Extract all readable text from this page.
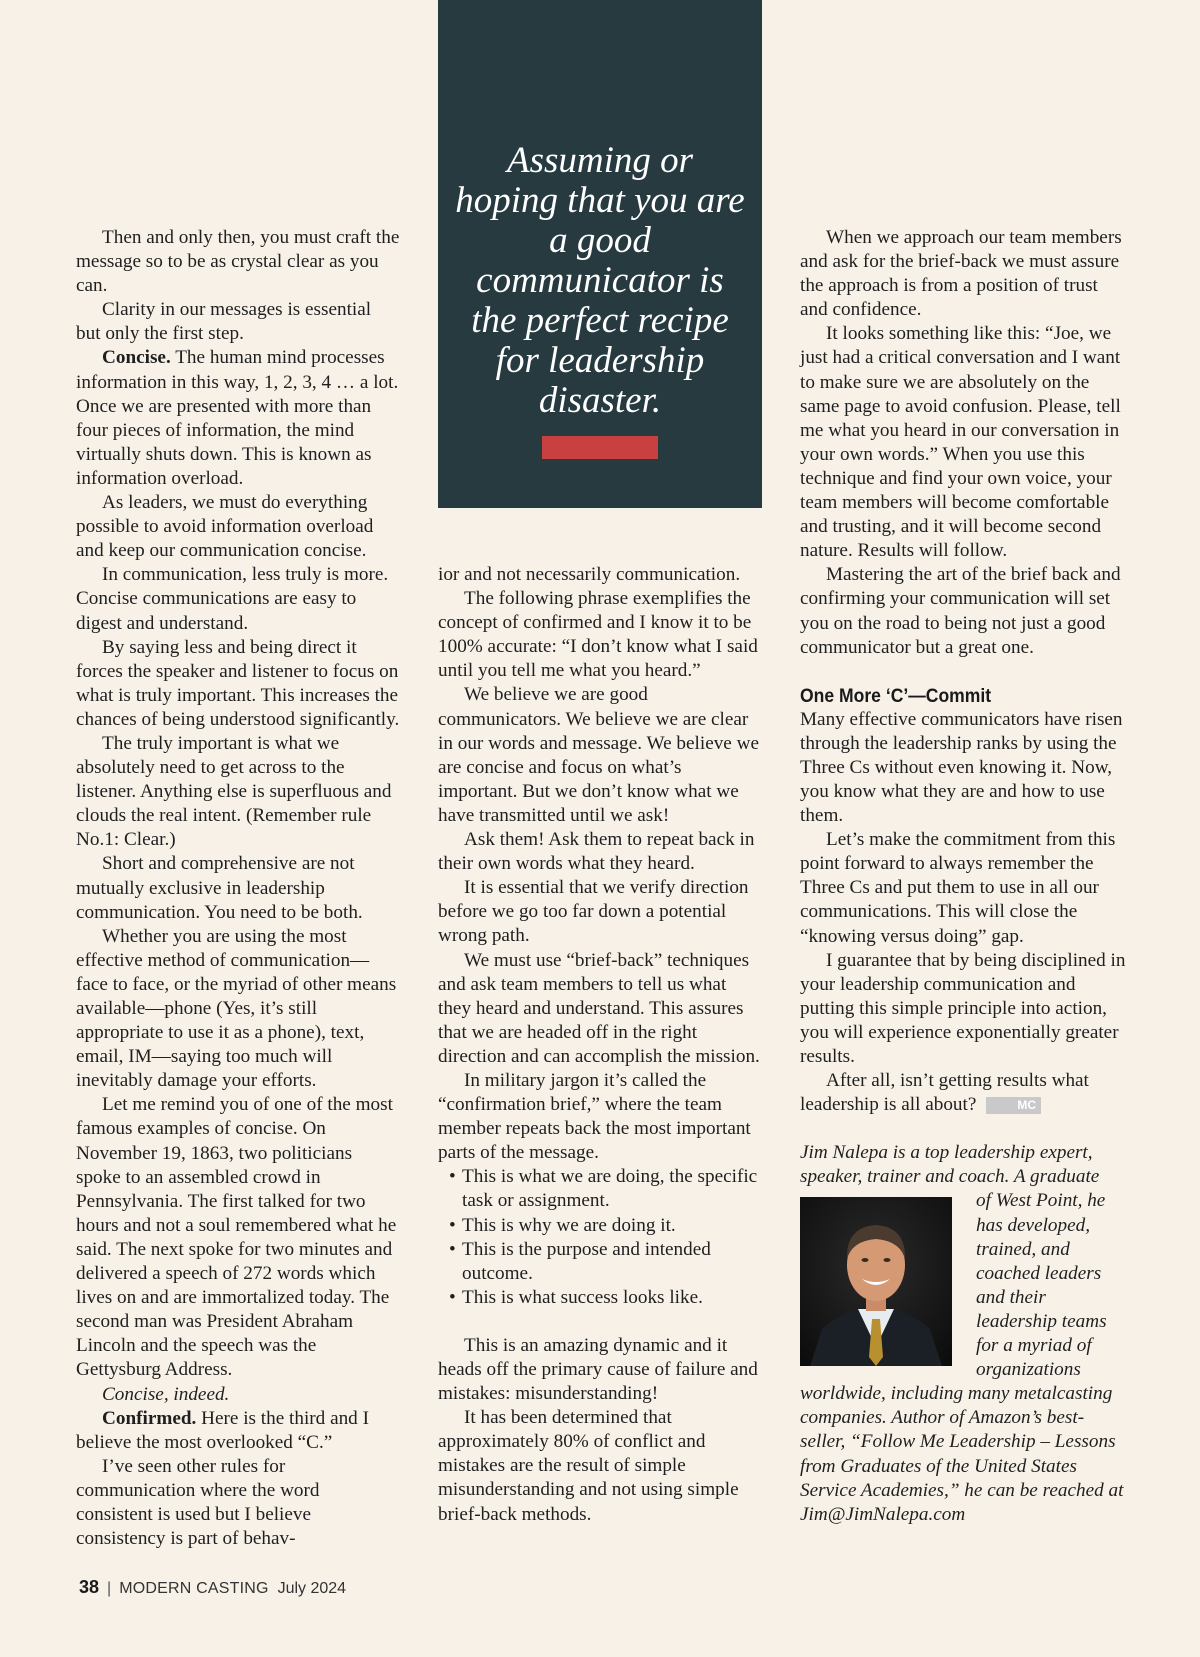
Assuming or hoping that you are a good communicator is the perfect recipe for leadership disaster.

Then and only then, you must craft the message so to be as crystal clear as you can.

Clarity in our messages is essential but only the first step.

Concise. The human mind processes information in this way, 1, 2, 3, 4 … a lot. Once we are presented with more than four pieces of information, the mind virtually shuts down. This is known as information overload.

As leaders, we must do everything possible to avoid information overload and keep our communication concise.

In communication, less truly is more. Concise communications are easy to digest and understand.

By saying less and being direct it forces the speaker and listener to focus on what is truly important. This increases the chances of being understood significantly.

The truly important is what we absolutely need to get across to the listener. Anything else is superfluous and clouds the real intent. (Remember rule No.1: Clear.)

Short and comprehensive are not mutually exclusive in leadership communication. You need to be both.

Whether you are using the most effective method of communication—face to face, or the myriad of other means available—phone (Yes, it’s still appropriate to use it as a phone), text, email, IM—saying too much will inevitably damage your efforts.

Let me remind you of one of the most famous examples of concise. On November 19, 1863, two politicians spoke to an assembled crowd in Pennsylvania. The first talked for two hours and not a soul remembered what he said. The next spoke for two minutes and delivered a speech of 272 words which lives on and are immortalized today. The second man was President Abraham Lincoln and the speech was the Gettysburg Address.

Concise, indeed.

Confirmed. Here is the third and I believe the most overlooked “C.”

I’ve seen other rules for communication where the word consistent is used but I believe consistency is part of behav-

ior and not necessarily communication.

The following phrase exemplifies the concept of confirmed and I know it to be 100% accurate: “I don’t know what I said until you tell me what you heard.”

We believe we are good communicators. We believe we are clear in our words and message. We believe we are concise and focus on what’s important. But we don’t know what we have transmitted until we ask!

Ask them! Ask them to repeat back in their own words what they heard.

It is essential that we verify direction before we go too far down a potential wrong path.

We must use “brief-back” techniques and ask team members to tell us what they heard and understand. This assures that we are headed off in the right direction and can accomplish the mission.

In military jargon it’s called the “confirmation brief,” where the team member repeats back the most important parts of the message.

• This is what we are doing, the specific task or assignment.
• This is why we are doing it.
• This is the purpose and intended outcome.
• This is what success looks like.

This is an amazing dynamic and it heads off the primary cause of failure and mistakes: misunderstanding!

It has been determined that approximately 80% of conflict and mistakes are the result of simple misunderstanding and not using simple brief-back methods.

When we approach our team members and ask for the brief-back we must assure the approach is from a position of trust and confidence.

It looks something like this: “Joe, we just had a critical conversation and I want to make sure we are absolutely on the same page to avoid confusion. Please, tell me what you heard in our conversation in your own words.” When you use this technique and find your own voice, your team members will become comfortable and trusting, and it will become second nature. Results will follow.

Mastering the art of the brief back and confirming your communication will set you on the road to being not just a good communicator but a great one.

One More ‘C’—Commit

Many effective communicators have risen through the leadership ranks by using the Three Cs without even knowing it. Now, you know what they are and how to use them.

Let’s make the commitment from this point forward to always remember the Three Cs and put them to use in all our communications. This will close the “knowing versus doing” gap.

I guarantee that by being disciplined in your leadership communication and putting this simple principle into action, you will experience exponentially greater results.

After all, isn’t getting results what leadership is all about?	MC

Jim Nalepa is a top leadership expert, speaker, trainer and coach. A graduate
of West Point, he has developed, trained, and coached leaders and their leadership teams for a myriad of organizations worldwide, including many metalcasting companies. Author of Amazon’s best-seller, “Follow Me Leadership – Lessons from Graduates of the United States Service Academies,” he can be reached at Jim@JimNalepa.com
38 | MODERN CASTING July 2024
